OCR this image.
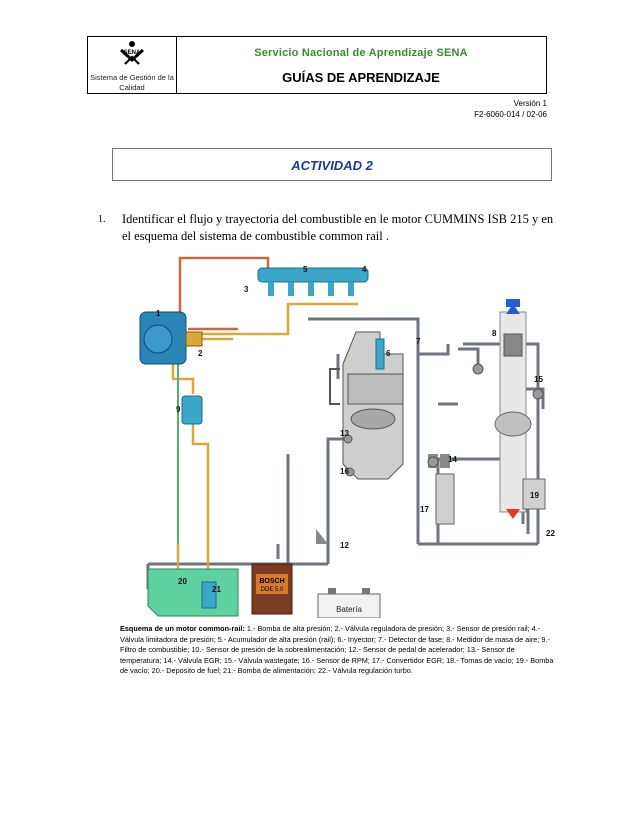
SENA
Sistema de Gestión de la Calidad
Servicio Nacional de Aprendizaje SENA
GUÍAS DE APRENDIZAJE
Versión 1
F2-6060-014 / 02-06
ACTIVIDAD 2
1. Identificar el flujo y trayectoria del combustible en le motor CUMMINS ISB 215 y en el esquema del sistema de combustible common rail .
BOSCH
DDE 5.0
Batería
1
2
3
4
5
6
7
8
9
12
13
14
15
16
17
19
20
21
22
Esquema de un motor common-rail: 1.- Bomba de alta presión; 2.- Válvula reguladora de presión; 3.- Sensor de presión rail; 4.- Válvula limitadora de presión; 5.- Acumulador de alta presión (rail); 6.- Inyector; 7.- Detector de fase; 8.- Medidor de masa de aire; 9.- Filtro de combustible; 10.- Sensor de presión de la sobrealimentación; 12.- Sensor de pedal de acelerador; 13.- Sensor de temperatura; 14.- Válvula EGR; 15.- Válvula wastegate; 16.- Sensor de RPM; 17.- Convertidor EGR; 18.- Tomas de vacío; 19.- Bomba de vacío; 20.- Deposito de fuel; 21.- Bomba de alimentación; 22.- Válvula regulación turbo.
